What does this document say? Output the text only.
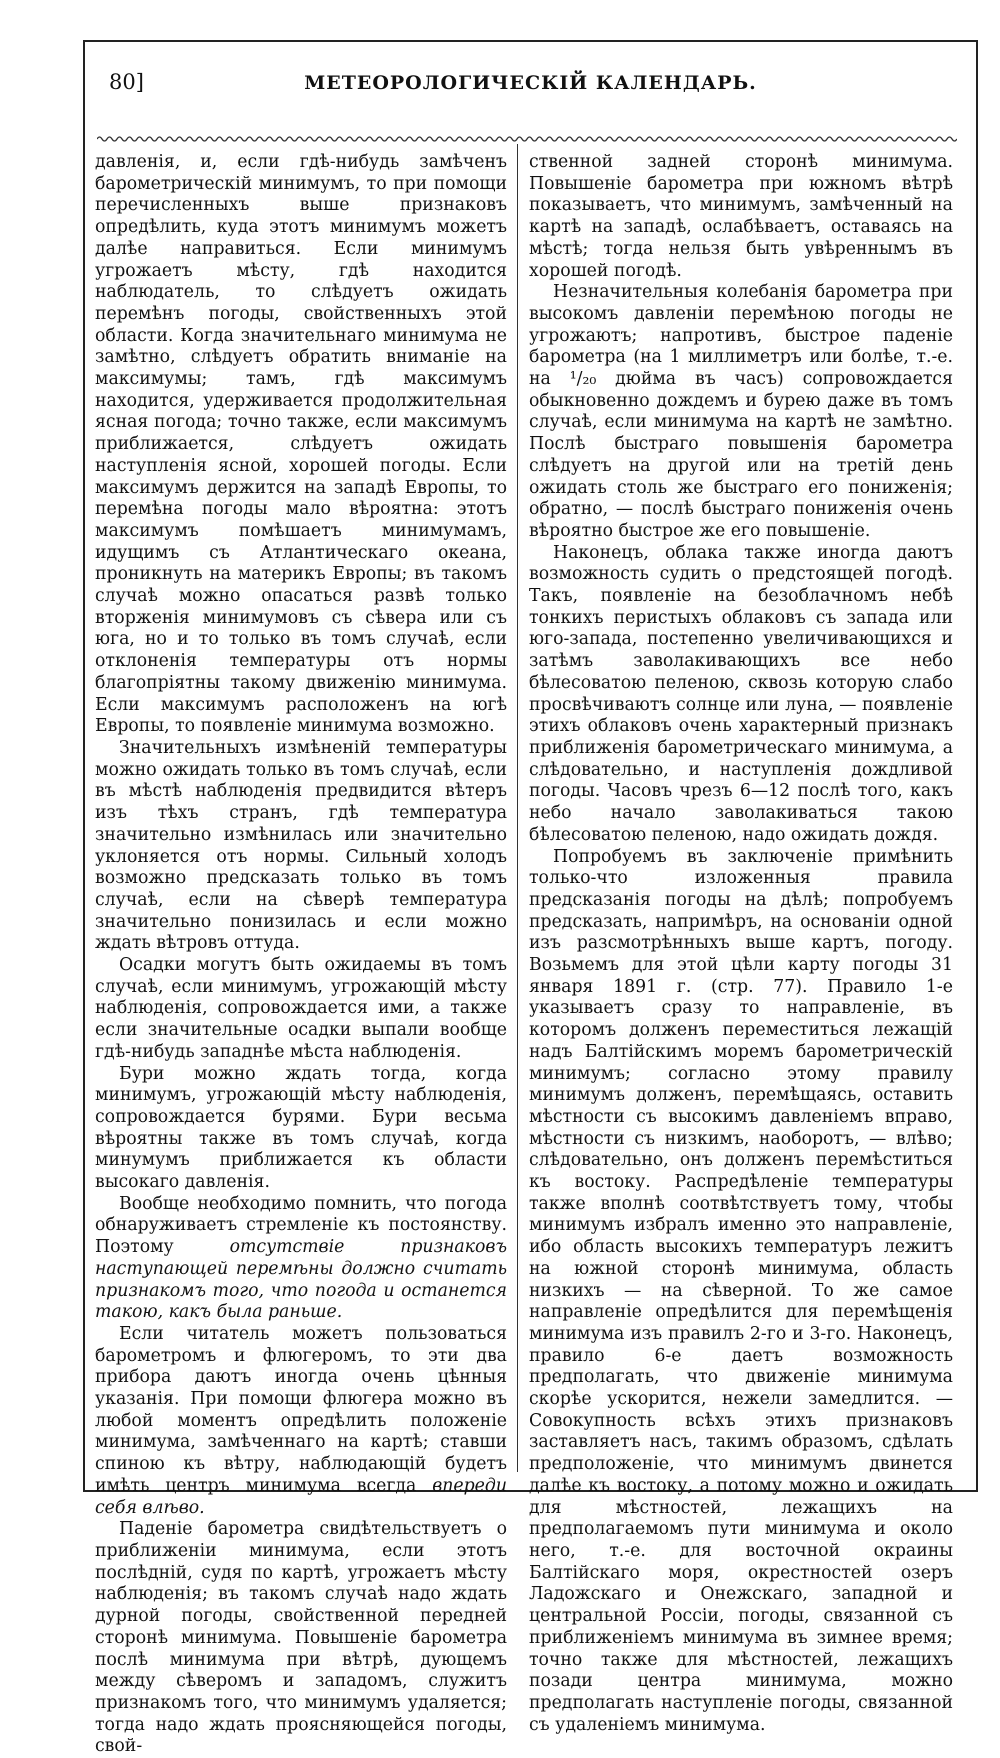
80]	МЕТЕОРОЛОГИЧЕСКІЙ КАЛЕНДАРЬ.

давленія, и, если гдѣ-нибудь замѣченъ барометрическій минимумъ, то при помощи перечисленныхъ выше признаковъ опредѣлить, куда этотъ минимумъ можетъ далѣе направиться. Если минимумъ угрожаетъ мѣсту, гдѣ находится наблюдатель, то слѣдуетъ ожидать перемѣнъ погоды, свойственныхъ этой области. Когда значительнаго минимума не замѣтно, слѣдуетъ обратить вниманіе на максимумы; тамъ, гдѣ максимумъ находится, удерживается продолжительная ясная погода; точно также, если максимумъ приближается, слѣдуетъ ожидать наступленія ясной, хорошей погоды. Если максимумъ держится на западѣ Европы, то перемѣна погоды мало вѣроятна: этотъ максимумъ помѣшаетъ минимумамъ, идущимъ съ Атлантическаго океана, проникнуть на материкъ Европы; въ такомъ случаѣ можно опасаться развѣ только вторженія минимумовъ съ сѣвера или съ юга, но и то только въ томъ случаѣ, если отклоненія температуры отъ нормы благопріятны такому движенію минимума. Если максимумъ расположенъ на югѣ Европы, то появленіе минимума возможно.

Значительныхъ измѣненій температуры можно ожидать только въ томъ случаѣ, если въ мѣстѣ наблюденія предвидится вѣтеръ изъ тѣхъ странъ, гдѣ температура значительно измѣнилась или значительно уклоняется отъ нормы. Сильный холодъ возможно предсказать только въ томъ случаѣ, если на сѣверѣ температура значительно понизилась и если можно ждать вѣтровъ оттуда.

Осадки могутъ быть ожидаемы въ томъ случаѣ, если минимумъ, угрожающій мѣсту наблюденія, сопровождается ими, а также если значительные осадки выпали вообще гдѣ-нибудь западнѣе мѣста наблюденія.

Бури можно ждать тогда, когда минимумъ, угрожающій мѣсту наблюденія, сопровождается бурями. Бури весьма вѣроятны также въ томъ случаѣ, когда минумумъ приближается къ области высокаго давленія.

Вообще необходимо помнить, что погода обнаруживаетъ стремленіе къ постоянству. Поэтому отсутствіе признаковъ наступающей перемѣны должно считать признакомъ того, что погода и останется такою, какъ была раньше.

Если читатель можетъ пользоваться барометромъ и флюгеромъ, то эти два прибора даютъ иногда очень цѣнныя указанія. При помощи флюгера можно въ любой моментъ опредѣлить положеніе минимума, замѣченнаго на картѣ; ставши спиною къ вѣтру, наблюдающій будетъ имѣть центръ минимума всегда впереди себя влѣво.

Паденіе барометра свидѣтельствуетъ о приближеніи минимума, если этотъ послѣдній, судя по картѣ, угрожаетъ мѣсту наблюденія; въ такомъ случаѣ надо ждать дурной погоды, свойственной передней сторонѣ минимума. Повышеніе барометра послѣ минимума при вѣтрѣ, дующемъ между сѣверомъ и западомъ, служитъ признакомъ того, что минимумъ удаляется; тогда надо ждать проясняющейся погоды, свой-

ственной задней сторонѣ минимума. Повышеніе барометра при южномъ вѣтрѣ показываетъ, что минимумъ, замѣченный на картѣ на западѣ, ослабѣваетъ, оставаясь на мѣстѣ; тогда нельзя быть увѣреннымъ въ хорошей погодѣ.

Незначительныя колебанія барометра при высокомъ давленіи перемѣною погоды не угрожаютъ; напротивъ, быстрое паденіе барометра (на 1 миллиметръ или болѣе, т.-е. на ¹/₂₀ дюйма въ часъ) сопровождается обыкновенно дождемъ и бурею даже въ томъ случаѣ, если минимума на картѣ не замѣтно. Послѣ быстраго повышенія барометра слѣдуетъ на другой или на третій день ожидать столь же быстраго его пониженія; обратно, — послѣ быстраго пониженія очень вѣроятно быстрое же его повышеніе.

Наконецъ, облака также иногда даютъ возможность судить о предстоящей погодѣ. Такъ, появленіе на безоблачномъ небѣ тонкихъ перистыхъ облаковъ съ запада или юго-запада, постепенно увеличивающихся и затѣмъ заволакивающихъ все небо бѣлесоватою пеленою, сквозь которую слабо просвѣчиваютъ солнце или луна, — появленіе этихъ облаковъ очень характерный признакъ приближенія барометрическаго минимума, а слѣдовательно, и наступленія дождливой погоды. Часовъ чрезъ 6—12 послѣ того, какъ небо начало заволакиваться такою бѣлесоватою пеленою, надо ожидать дождя.

Попробуемъ въ заключеніе примѣнить только-что изложенныя правила предсказанія погоды на дѣлѣ; попробуемъ предсказать, напримѣръ, на основаніи одной изъ разсмотрѣнныхъ выше картъ, погоду. Возьмемъ для этой цѣли карту погоды 31 января 1891 г. (стр. 77). Правило 1-е указываетъ сразу то направленіе, въ которомъ долженъ переместиться лежащій надъ Балтійскимъ моремъ барометрическій минимумъ; согласно этому правилу минимумъ долженъ, перемѣщаясь, оставить мѣстности съ высокимъ давленіемъ вправо, мѣстности съ низкимъ, наоборотъ, — влѣво; слѣдовательно, онъ долженъ перемѣститься къ востоку. Распредѣленіе температуры также вполнѣ соотвѣтствуетъ тому, чтобы минимумъ избралъ именно это направленіе, ибо область высокихъ температуръ лежитъ на южной сторонѣ минимума, область низкихъ — на сѣверной. То же самое направленіе опредѣлится для перемѣщенія минимума изъ правилъ 2-го и 3-го. Наконецъ, правило 6-е даетъ возможность предполагать, что движеніе минимума скорѣе ускорится, нежели замедлится. — Совокупность всѣхъ этихъ признаковъ заставляетъ насъ, такимъ образомъ, сдѣлать предположеніе, что минимумъ двинется далѣе къ востоку, а потому можно и ожидать для мѣстностей, лежащихъ на предполагаемомъ пути минимума и около него, т.-е. для восточной окраины Балтійскаго моря, окрестностей озеръ Ладожскаго и Онежскаго, западной и центральной Россіи, погоды, связанной съ приближеніемъ минимума въ зимнее время; точно также для мѣстностей, лежащихъ позади центра минимума, можно предполагать наступленіе погоды, связанной съ удаленіемъ минимума.
